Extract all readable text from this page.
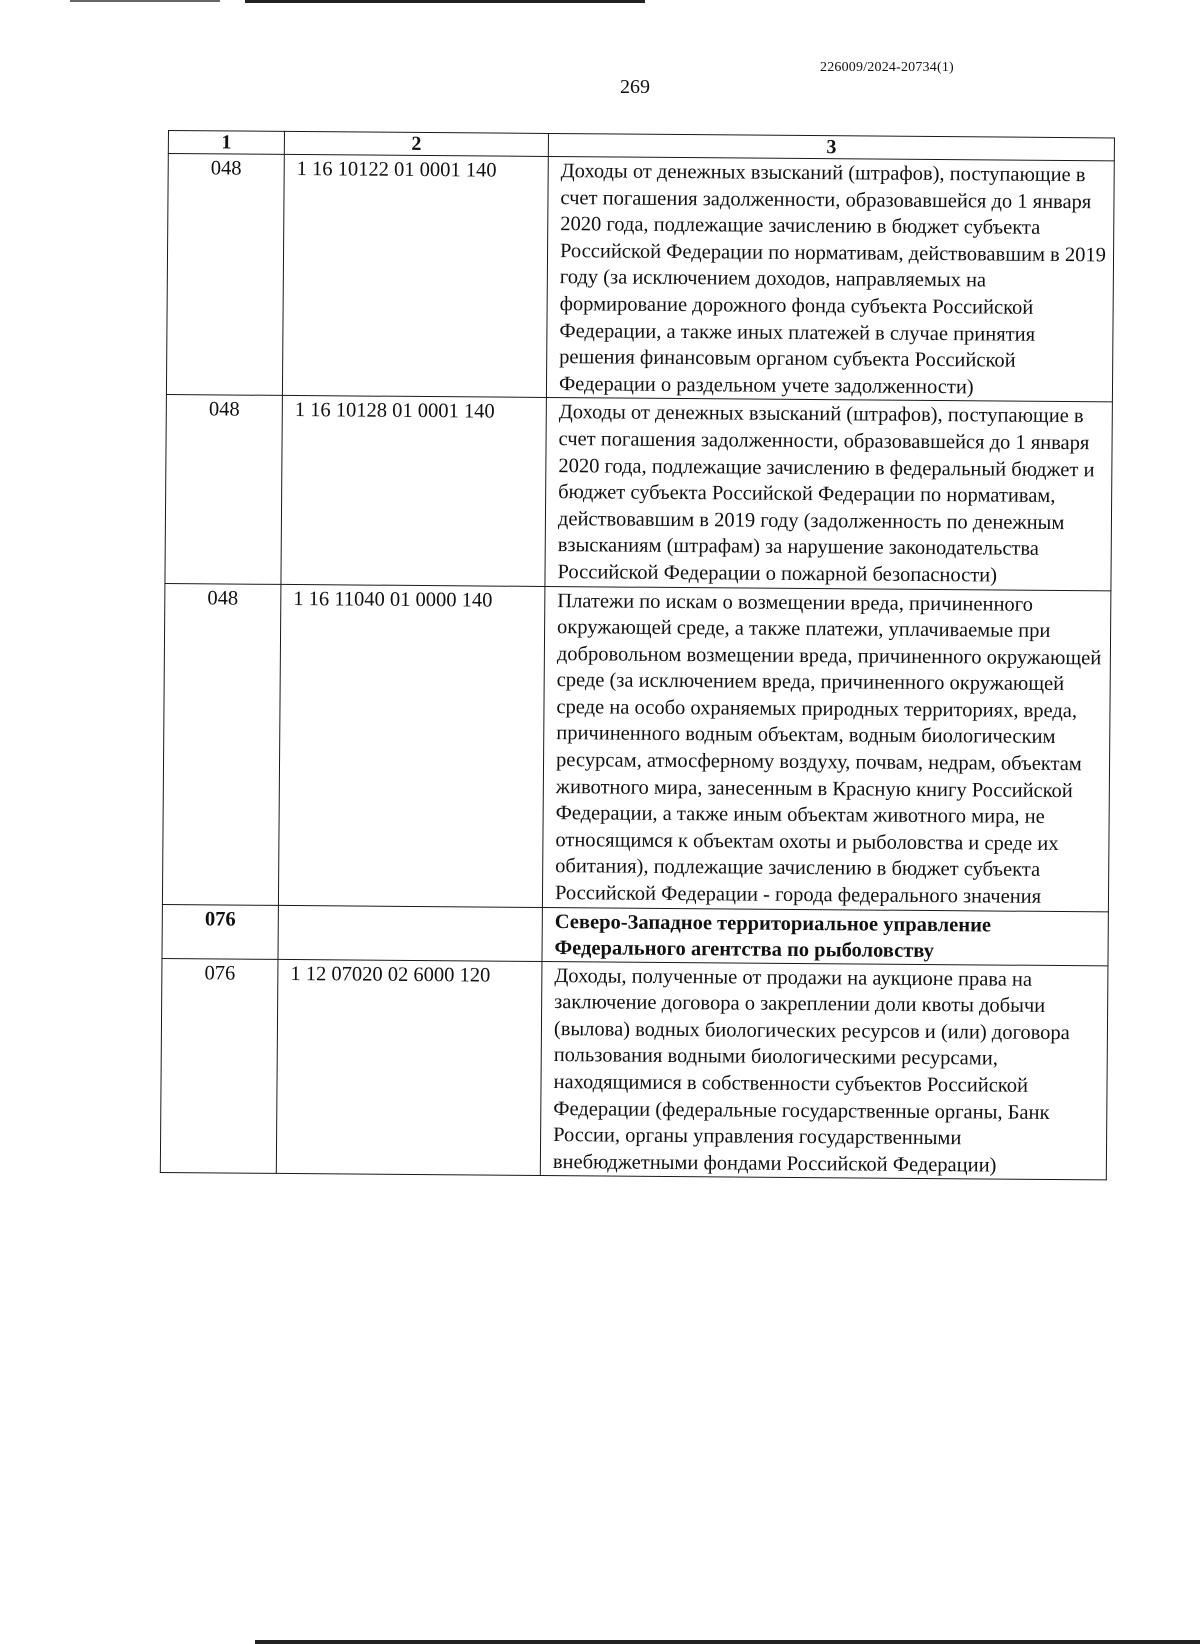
226009/2024-20734(1)
269
1	2	3
048	1 16 10122 01 0001 140	Доходы от денежных взысканий (штрафов), поступающие в счет погашения задолженности, образовавшейся до 1 января 2020 года, подлежащие зачислению в бюджет субъекта Российской Федерации по нормативам, действовавшим в 2019 году (за исключением доходов, направляемых на формирование дорожного фонда субъекта Российской Федерации, а также иных платежей в случае принятия решения финансовым органом субъекта Российской Федерации о раздельном учете задолженности)
048	1 16 10128 01 0001 140	Доходы от денежных взысканий (штрафов), поступающие в счет погашения задолженности, образовавшейся до 1 января 2020 года, подлежащие зачислению в федеральный бюджет и бюджет субъекта Российской Федерации по нормативам, действовавшим в 2019 году (задолженность по денежным взысканиям (штрафам) за нарушение законодательства Российской Федерации о пожарной безопасности)
048	1 16 11040 01 0000 140	Платежи по искам о возмещении вреда, причиненного окружающей среде, а также платежи, уплачиваемые при добровольном возмещении вреда, причиненного окружающей среде (за исключением вреда, причиненного окружающей среде на особо охраняемых природных территориях, вреда, причиненного водным объектам, водным биологическим ресурсам, атмосферному воздуху, почвам, недрам, объектам животного мира, занесенным в Красную книгу Российской Федерации, а также иным объектам животного мира, не относящимся к объектам охоты и рыболовства и среде их обитания), подлежащие зачислению в бюджет субъекта Российской Федерации - города федерального значения
076		Северо-Западное территориальное управление Федерального агентства по рыболовству
076	1 12 07020 02 6000 120	Доходы, полученные от продажи на аукционе права на заключение договора о закреплении доли квоты добычи (вылова) водных биологических ресурсов и (или) договора пользования водными биологическими ресурсами, находящимися в собственности субъектов Российской Федерации (федеральные государственные органы, Банк России, органы управления государственными внебюджетными фондами Российской Федерации)
